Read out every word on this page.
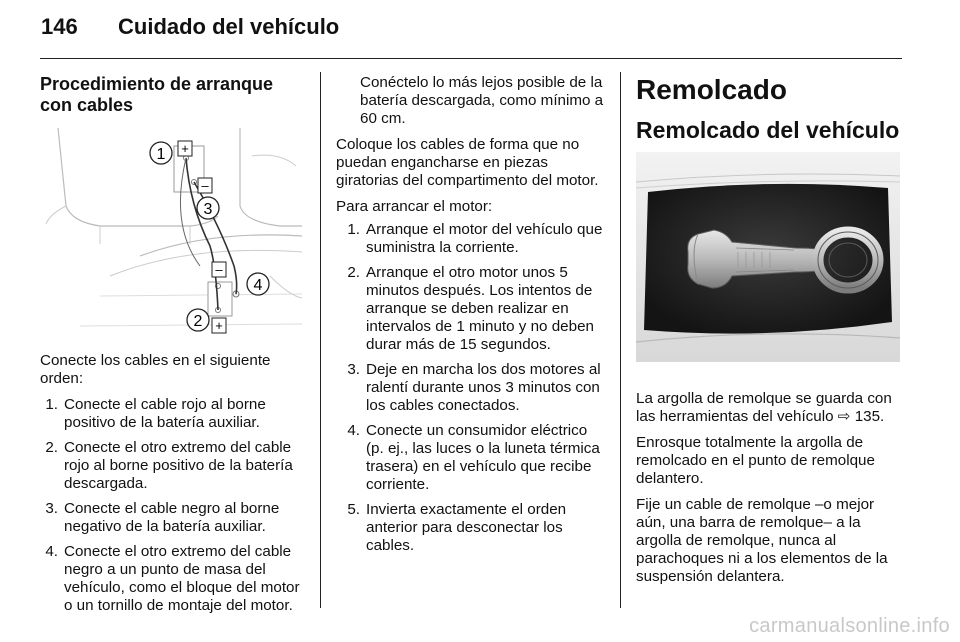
146 Cuidado del vehículo

Procedimiento de arranque con cables

Conecte los cables en el siguiente orden:

1. Conecte el cable rojo al borne positivo de la batería auxiliar.
2. Conecte el otro extremo del cable rojo al borne positivo de la batería descargada.
3. Conecte el cable negro al borne negativo de la batería auxiliar.
4. Conecte el otro extremo del cable negro a un punto de masa del vehículo, como el bloque del motor o un tornillo de montaje del motor.
+
–
–
+
1
2
3
4

Conéctelo lo más lejos posible de la batería descargada, como mínimo a 60 cm.

Coloque los cables de forma que no puedan engancharse en piezas giratorias del compartimento del motor.

Para arrancar el motor:

1. Arranque el motor del vehículo que suministra la corriente.
2. Arranque el otro motor unos 5 minutos después. Los intentos de arranque se deben realizar en intervalos de 1 minuto y no deben durar más de 15 segundos.
3. Deje en marcha los dos motores al ralentí durante unos 3 minutos con los cables conectados.
4. Conecte un consumidor eléctrico (p. ej., las luces o la luneta térmica trasera) en el vehículo que recibe corriente.
5. Invierta exactamente el orden anterior para desconectar los cables.

Remolcado

Remolcado del vehículo

La argolla de remolque se guarda con las herramientas del vehículo ⇨ 135.

Enrosque totalmente la argolla de remolcado en el punto de remolque delantero.

Fije un cable de remolque –o mejor aún, una barra de remolque– a la argolla de remolque, nunca al parachoques ni a los elementos de la suspensión delantera.

carmanualsonline.info
